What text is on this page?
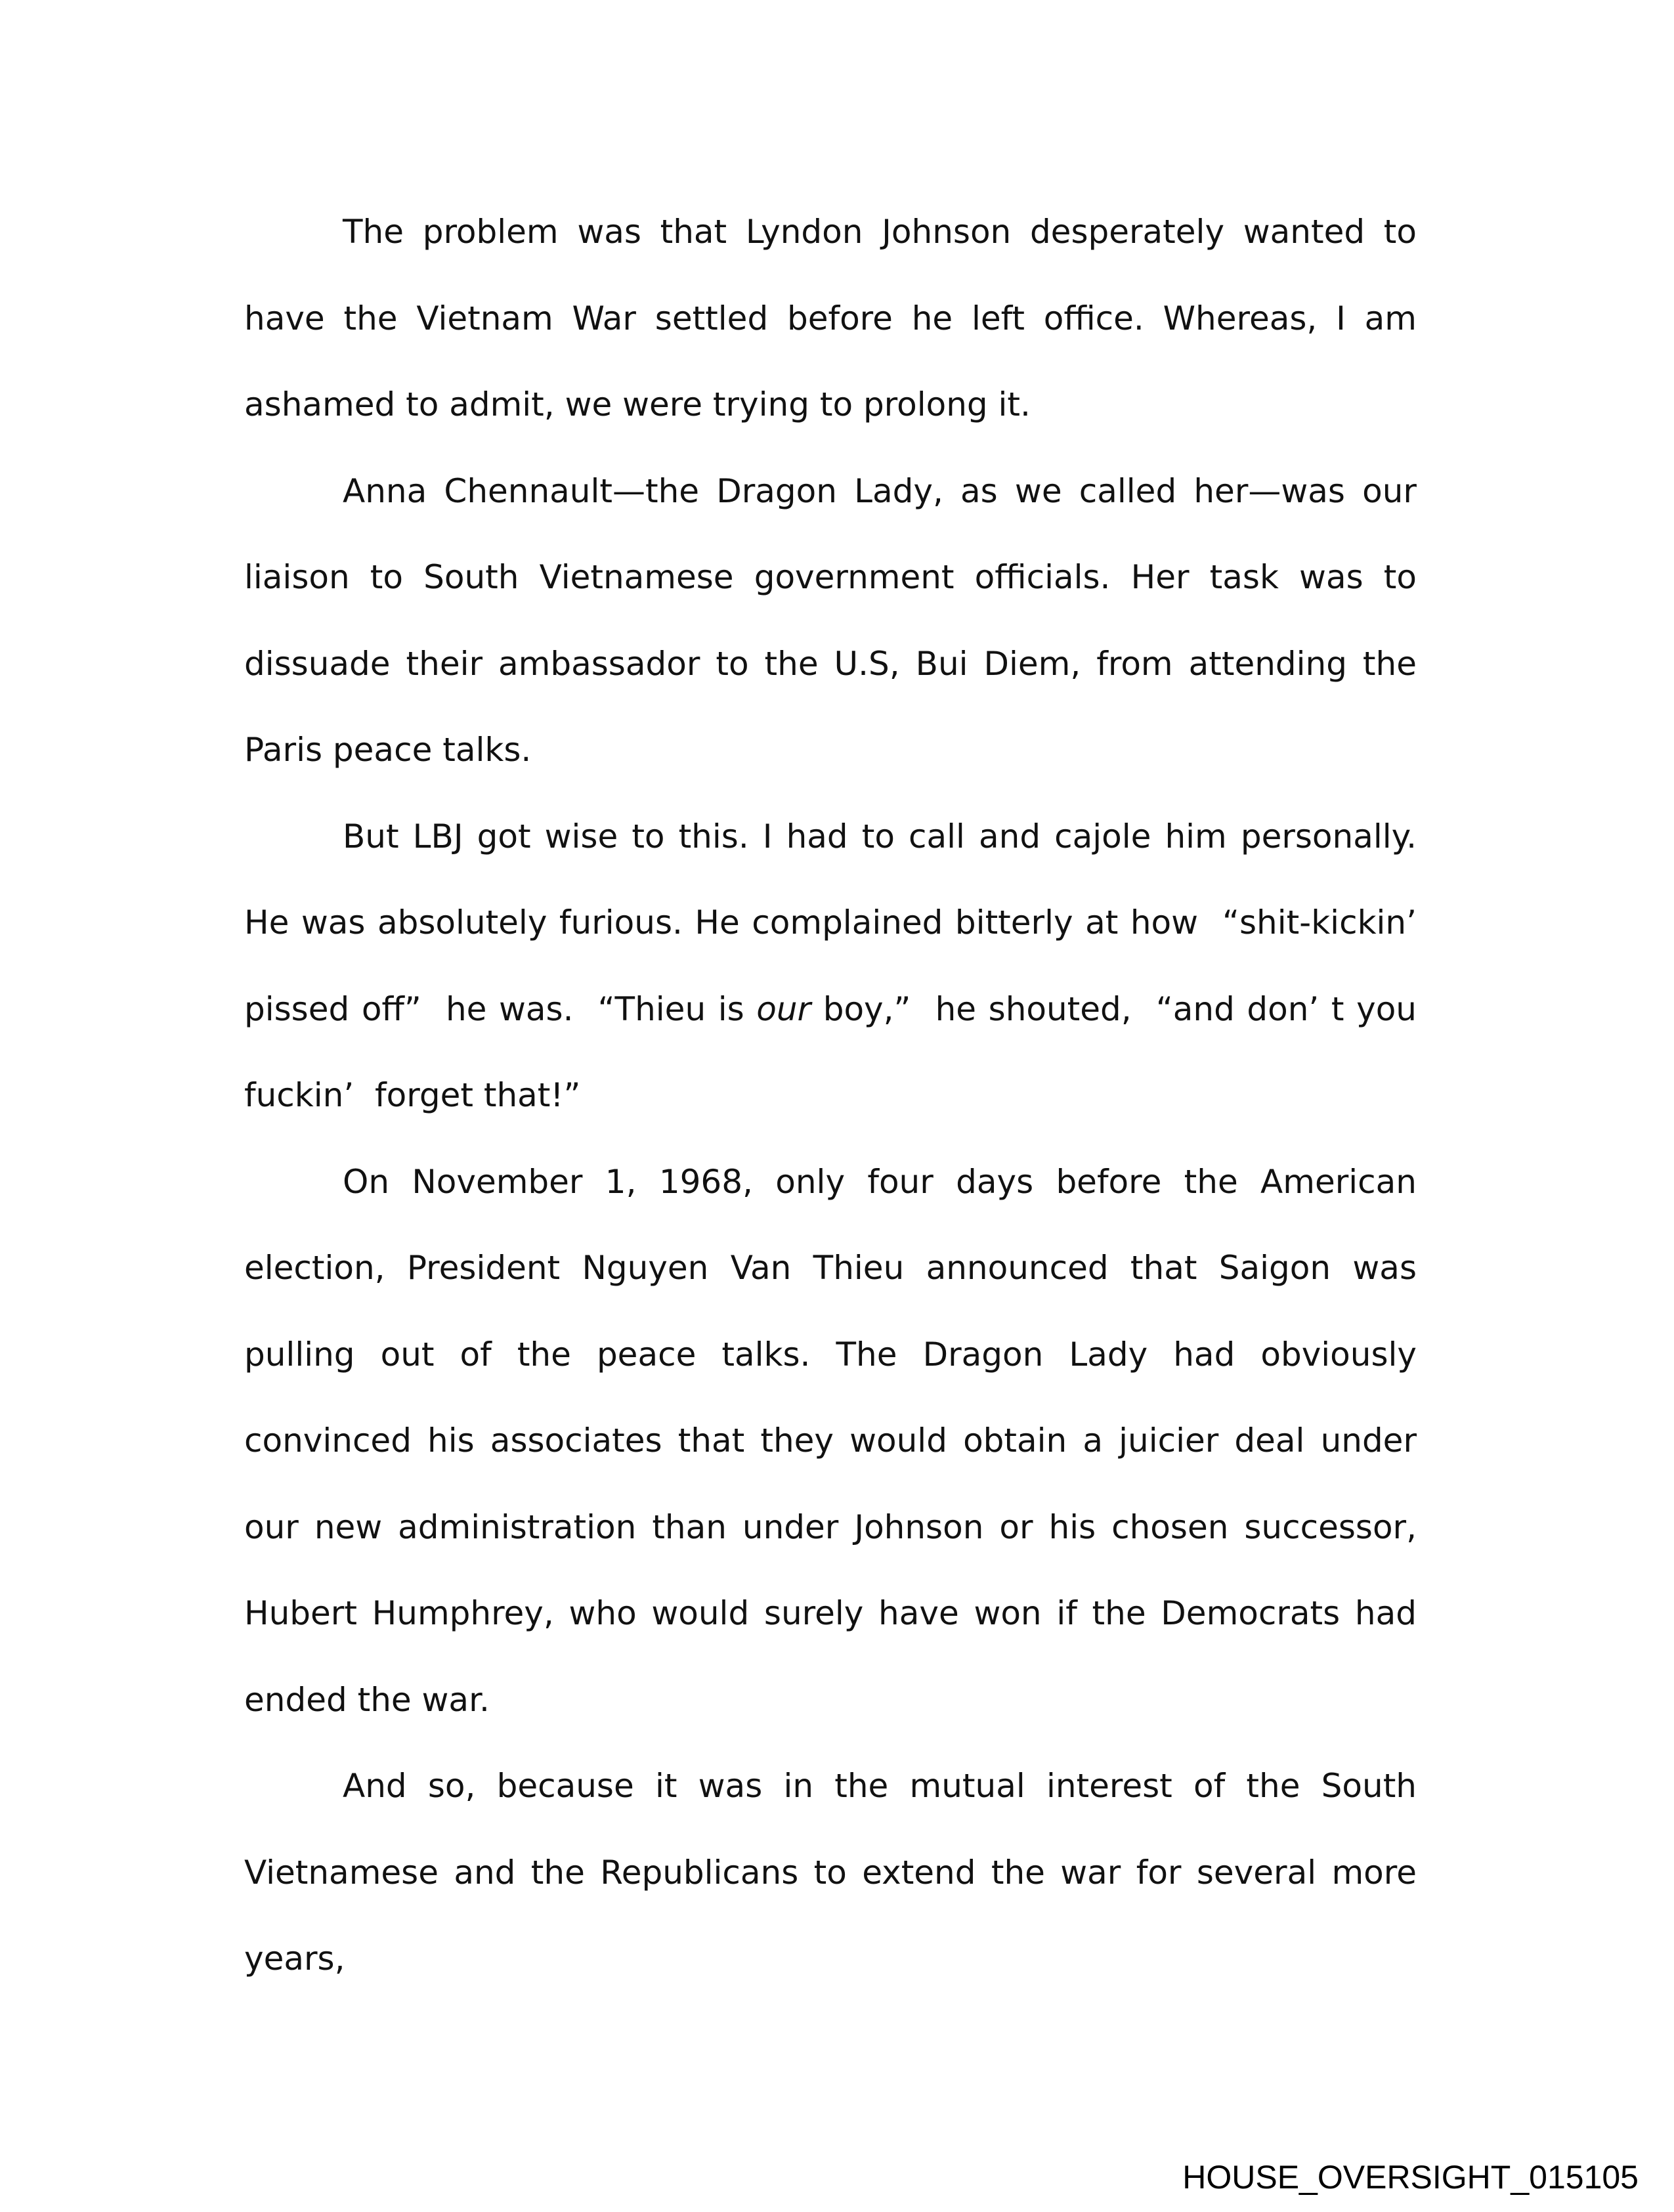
The problem was that Lyndon Johnson desperately wanted to have the Vietnam War settled before he left office. Whereas, I am ashamed to admit, we were trying to prolong it.

Anna Chennault—the Dragon Lady, as we called her—was our liaison to South Vietnamese government officials. Her task was to dissuade their ambassador to the U.S, Bui Diem, from attending the Paris peace talks.

But LBJ got wise to this. I had to call and cajole him personally. He was absolutely furious. He complained bitterly at how  “shit-kickin’  pissed off”  he was.  “Thieu is our boy,”  he shouted,  “and don’ t you fuckin’  forget that!”

On November 1, 1968, only four days before the American election, President Nguyen Van Thieu announced that Saigon was pulling out of the peace talks. The Dragon Lady had obviously convinced his associates that they would obtain a juicier deal under our new administration than under Johnson or his chosen successor, Hubert Humphrey, who would surely have won if the Democrats had ended the war.

And so, because it was in the mutual interest of the South Vietnamese and the Republicans to extend the war for several more years,

HOUSE_OVERSIGHT_015105
